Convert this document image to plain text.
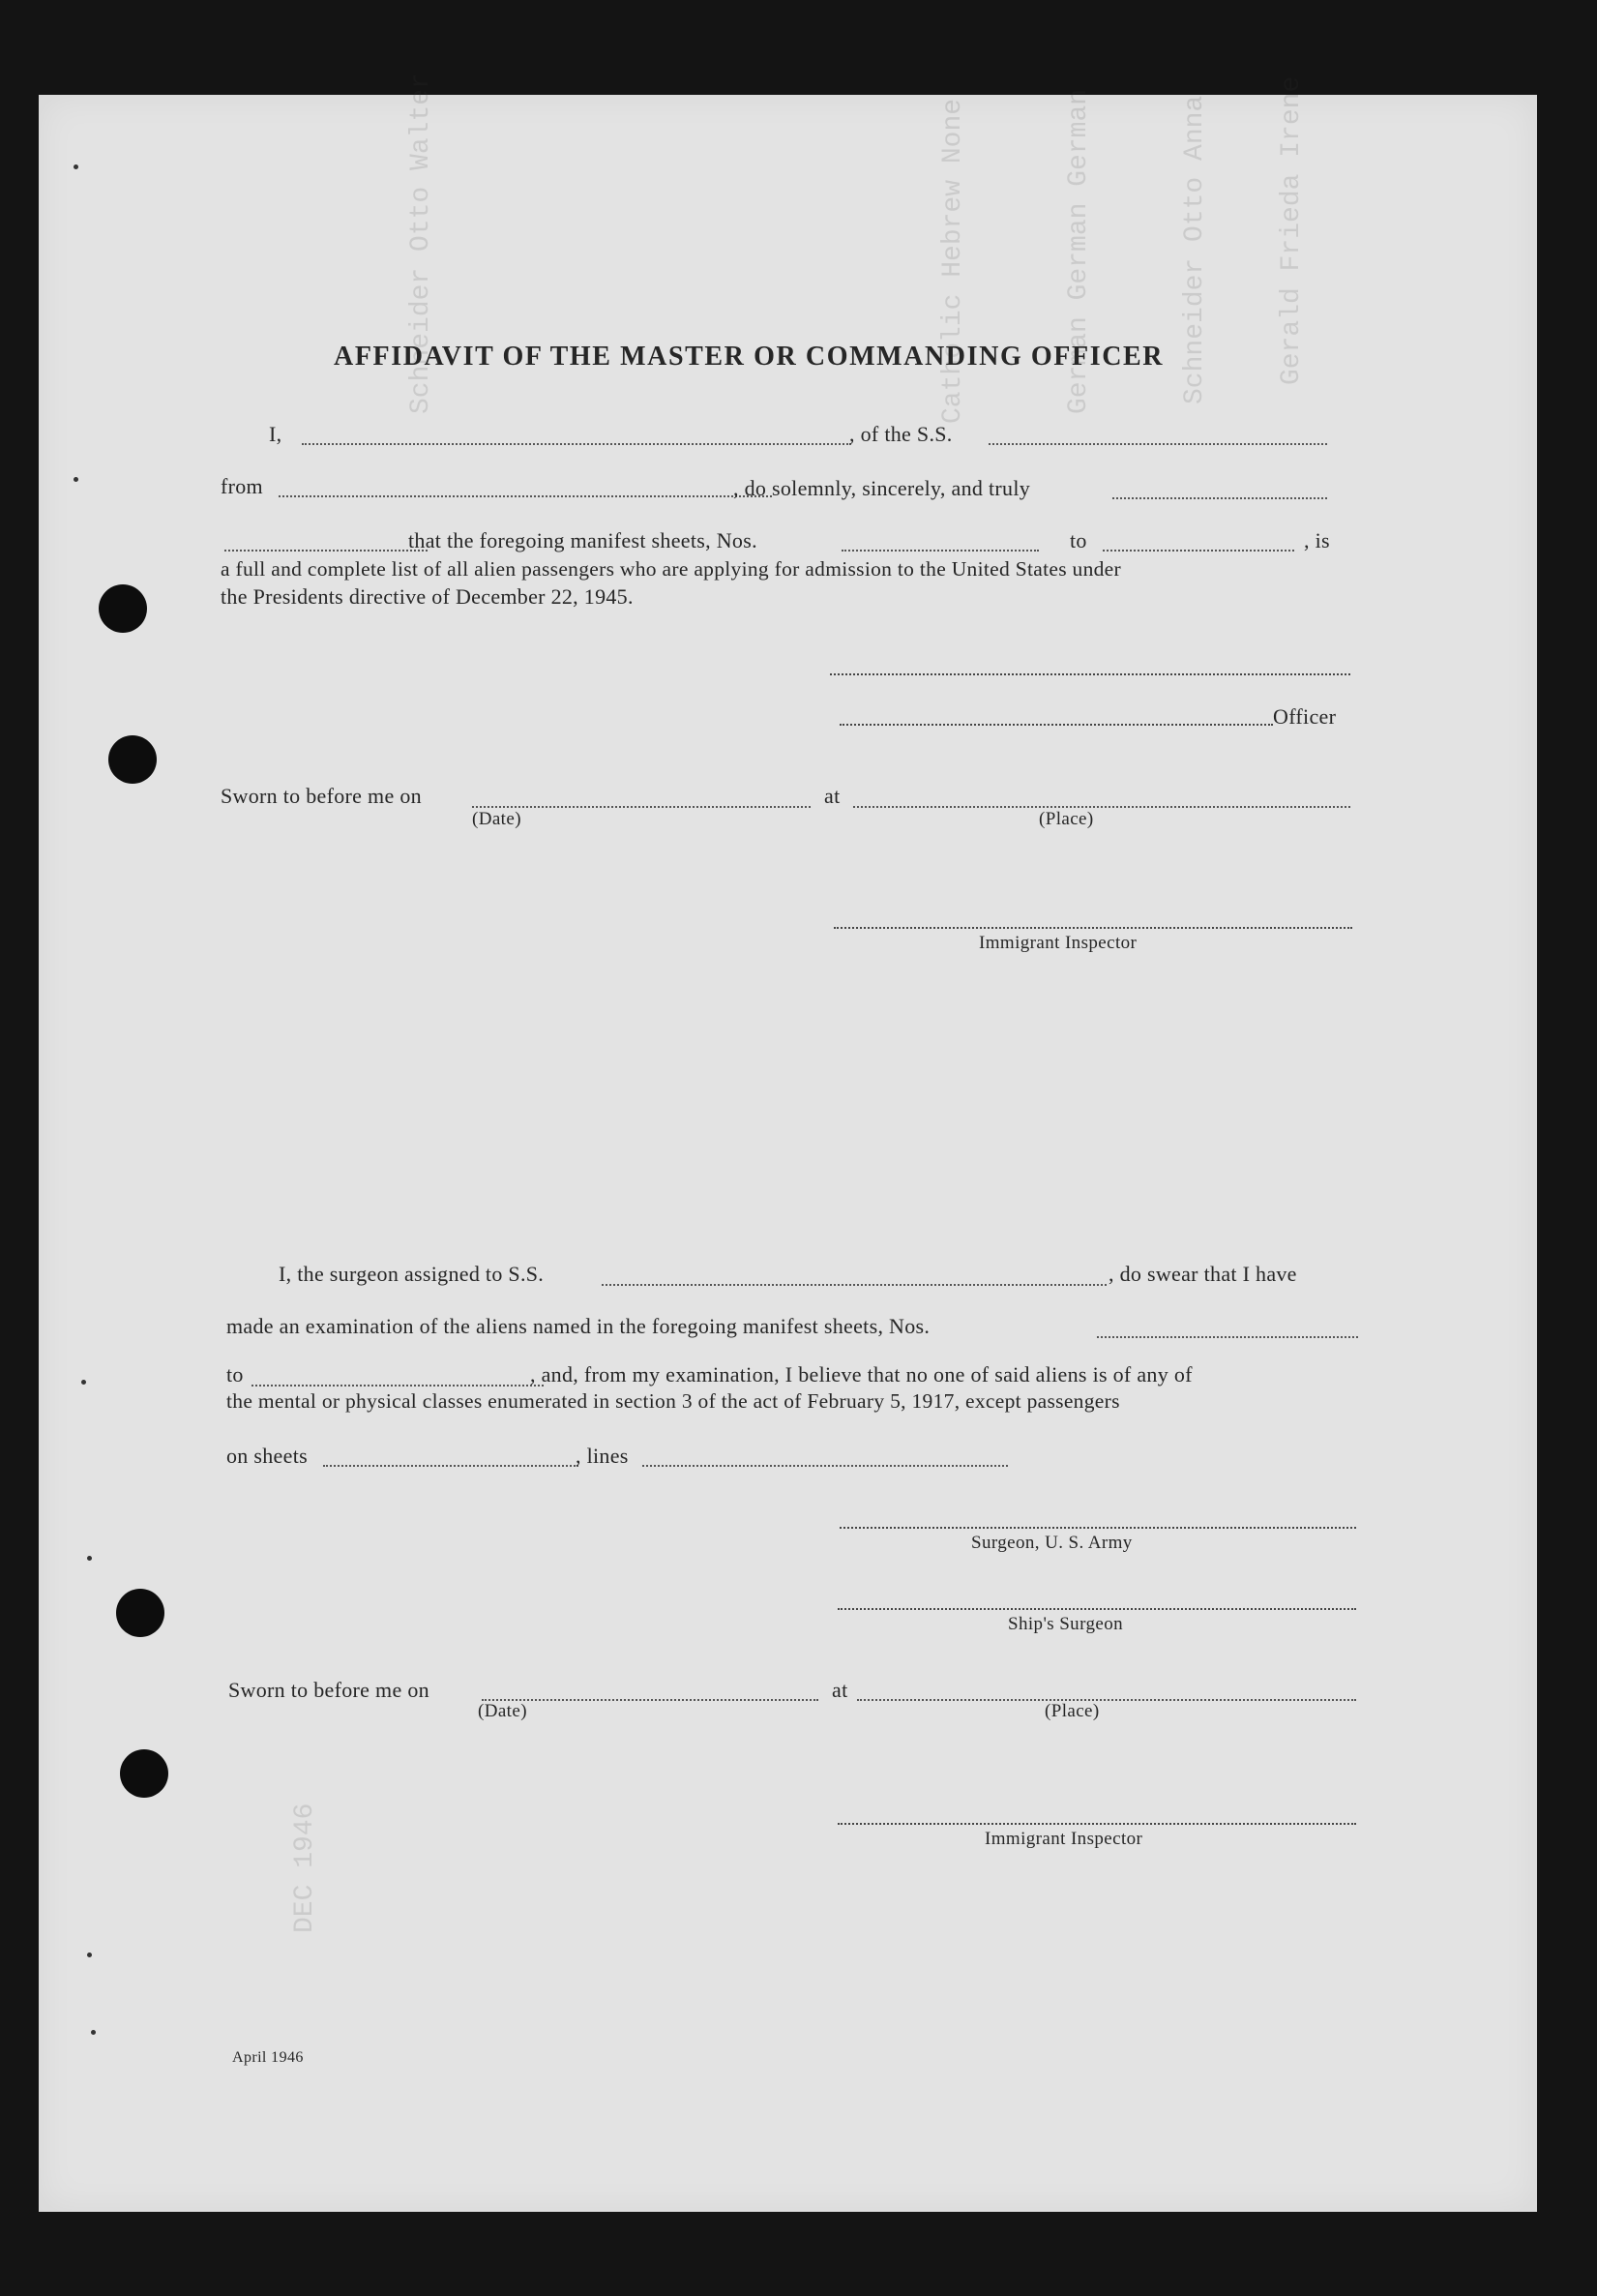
Gerald Frieda Irene
Schneider Otto Anna
German German German
Catholic Hebrew None
Schneider Otto Walter
DEC 1946
AFFIDAVIT OF THE MASTER OR COMMANDING OFFICER
I,	, of the S.S.
from	, do solemnly, sincerely, and truly
that the foregoing manifest sheets, Nos.	to	, is
a full and complete list of all alien passengers who are applying for admission to the United States under
the Presidents directive of December 22, 1945.
Officer
Sworn to before me on	at
(Date)	(Place)
Immigrant Inspector
I, the surgeon assigned to S.S.	, do swear that I have
made an examination of the aliens named in the foregoing manifest sheets, Nos.
to	, and, from my examination, I believe that no one of said aliens is of any of
the mental or physical classes enumerated in section 3 of the act of February 5, 1917, except passengers
on sheets	, lines
Surgeon, U. S. Army
Ship's Surgeon
Sworn to before me on	at
(Date)	(Place)
Immigrant Inspector
April 1946
